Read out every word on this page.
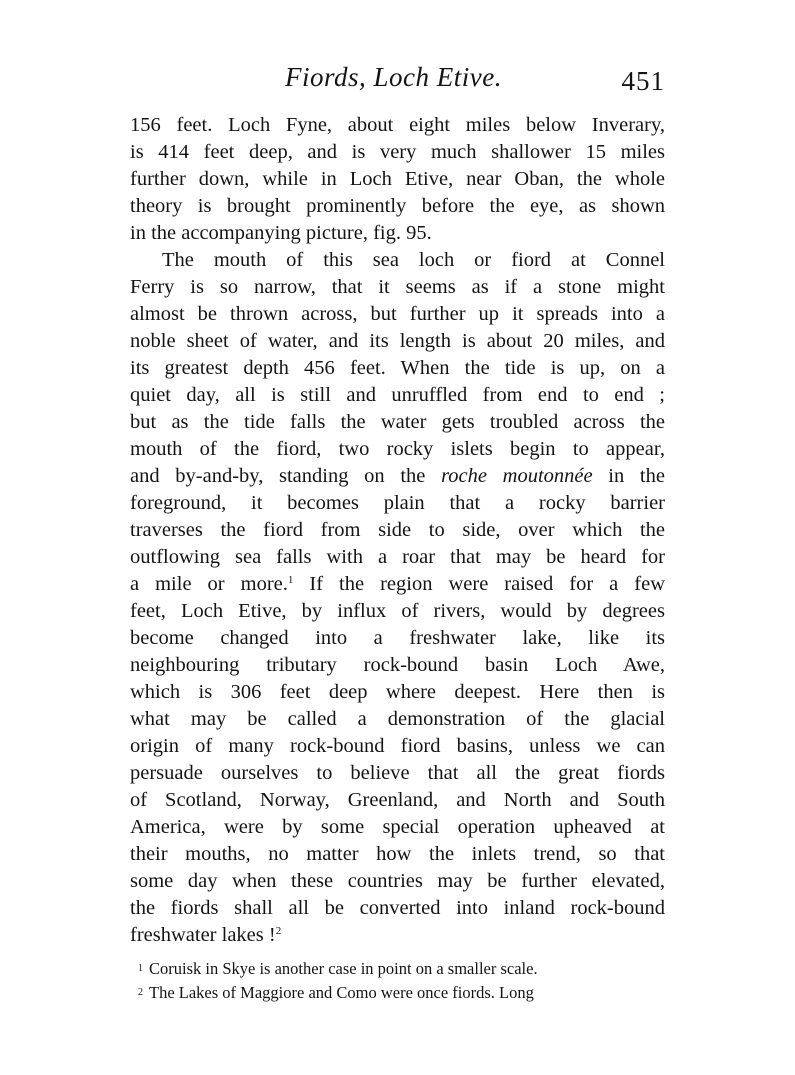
Fiords, Loch Etive.	451
156 feet. Loch Fyne, about eight miles below Inverary,
is 414 feet deep, and is very much shallower 15 miles
further down, while in Loch Etive, near Oban, the whole
theory is brought prominently before the eye, as shown
in the accompanying picture, fig. 95.
The mouth of this sea loch or fiord at Connel
Ferry is so narrow, that it seems as if a stone might
almost be thrown across, but further up it spreads into a
noble sheet of water, and its length is about 20 miles, and
its greatest depth 456 feet. When the tide is up, on a
quiet day, all is still and unruffled from end to end ;
but as the tide falls the water gets troubled across the
mouth of the fiord, two rocky islets begin to appear,
and by-and-by, standing on the roche moutonnée in the
foreground, it becomes plain that a rocky barrier
traverses the fiord from side to side, over which the
outflowing sea falls with a roar that may be heard for
a mile or more.$^1$ If the region were raised for a few
feet, Loch Etive, by influx of rivers, would by degrees
become changed into a freshwater lake, like its
neighbouring tributary rock-bound basin Loch Awe,
which is 306 feet deep where deepest. Here then is
what may be called a demonstration of the glacial
origin of many rock-bound fiord basins, unless we can
persuade ourselves to believe that all the great fiords
of Scotland, Norway, Greenland, and North and South
America, were by some special operation upheaved at
their mouths, no matter how the inlets trend, so that
some day when these countries may be further elevated,
the fiords shall all be converted into inland rock-bound
freshwater lakes !$^2$
1 Coruisk in Skye is another case in point on a smaller scale.
2 The Lakes of Maggiore and Como were once fiords. Long
